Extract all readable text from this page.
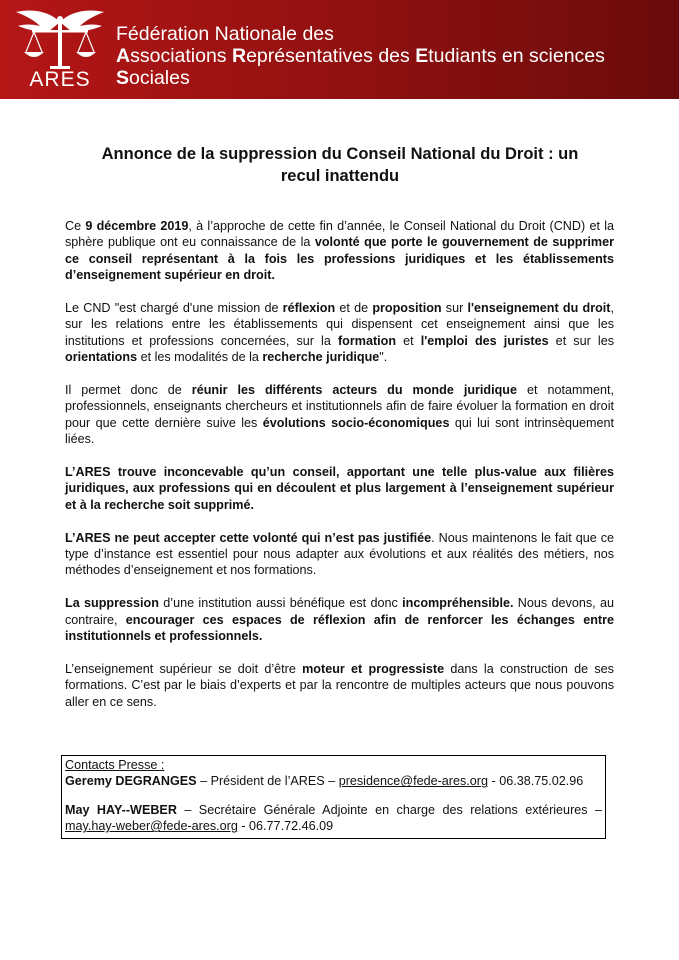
ARES
Fédération Nationale des
Associations Représentatives des Etudiants en sciences Sociales
Annonce de la suppression du Conseil National du Droit : un
recul inattendu

Ce 9 décembre 2019, à l’approche de cette fin d’année, le Conseil National du Droit (CND) et la sphère publique ont eu connaissance de la volonté que porte le gouvernement de supprimer ce conseil représentant à la fois les professions juridiques et les établissements d’enseignement supérieur en droit.

Le CND "est chargé d'une mission de réflexion et de proposition sur l'enseignement du droit, sur les relations entre les établissements qui dispensent cet enseignement ainsi que les institutions et professions concernées, sur la formation et l'emploi des juristes et sur les orientations et les modalités de la recherche juridique".

Il permet donc de réunir les différents acteurs du monde juridique et notamment, professionnels, enseignants chercheurs et institutionnels afin de faire évoluer la formation en droit pour que cette dernière suive les évolutions socio-économiques qui lui sont intrinsèquement liées.

L’ARES trouve inconcevable qu’un conseil, apportant une telle plus-value aux filières juridiques, aux professions qui en découlent et plus largement à l’enseignement supérieur et à la recherche soit supprimé.

L’ARES ne peut accepter cette volonté qui n’est pas justifiée. Nous maintenons le fait que ce type d’instance est essentiel pour nous adapter aux évolutions et aux réalités des métiers, nos méthodes d’enseignement et nos formations.

La suppression d’une institution aussi bénéfique est donc incompréhensible. Nous devons, au contraire, encourager ces espaces de réflexion afin de renforcer les échanges entre institutionnels et professionnels.

L’enseignement supérieur se doit d’être moteur et progressiste dans la construction de ses formations. C’est par le biais d’experts et par la rencontre de multiples acteurs que nous pouvons aller en ce sens.

Contacts Presse :
Geremy DEGRANGES – Président de l’ARES – presidence@fede-ares.org - 06.38.75.02.96
May HAY--WEBER – Secrétaire Générale Adjointe en charge des relations extérieures –
may.hay-weber@fede-ares.org - 06.77.72.46.09
